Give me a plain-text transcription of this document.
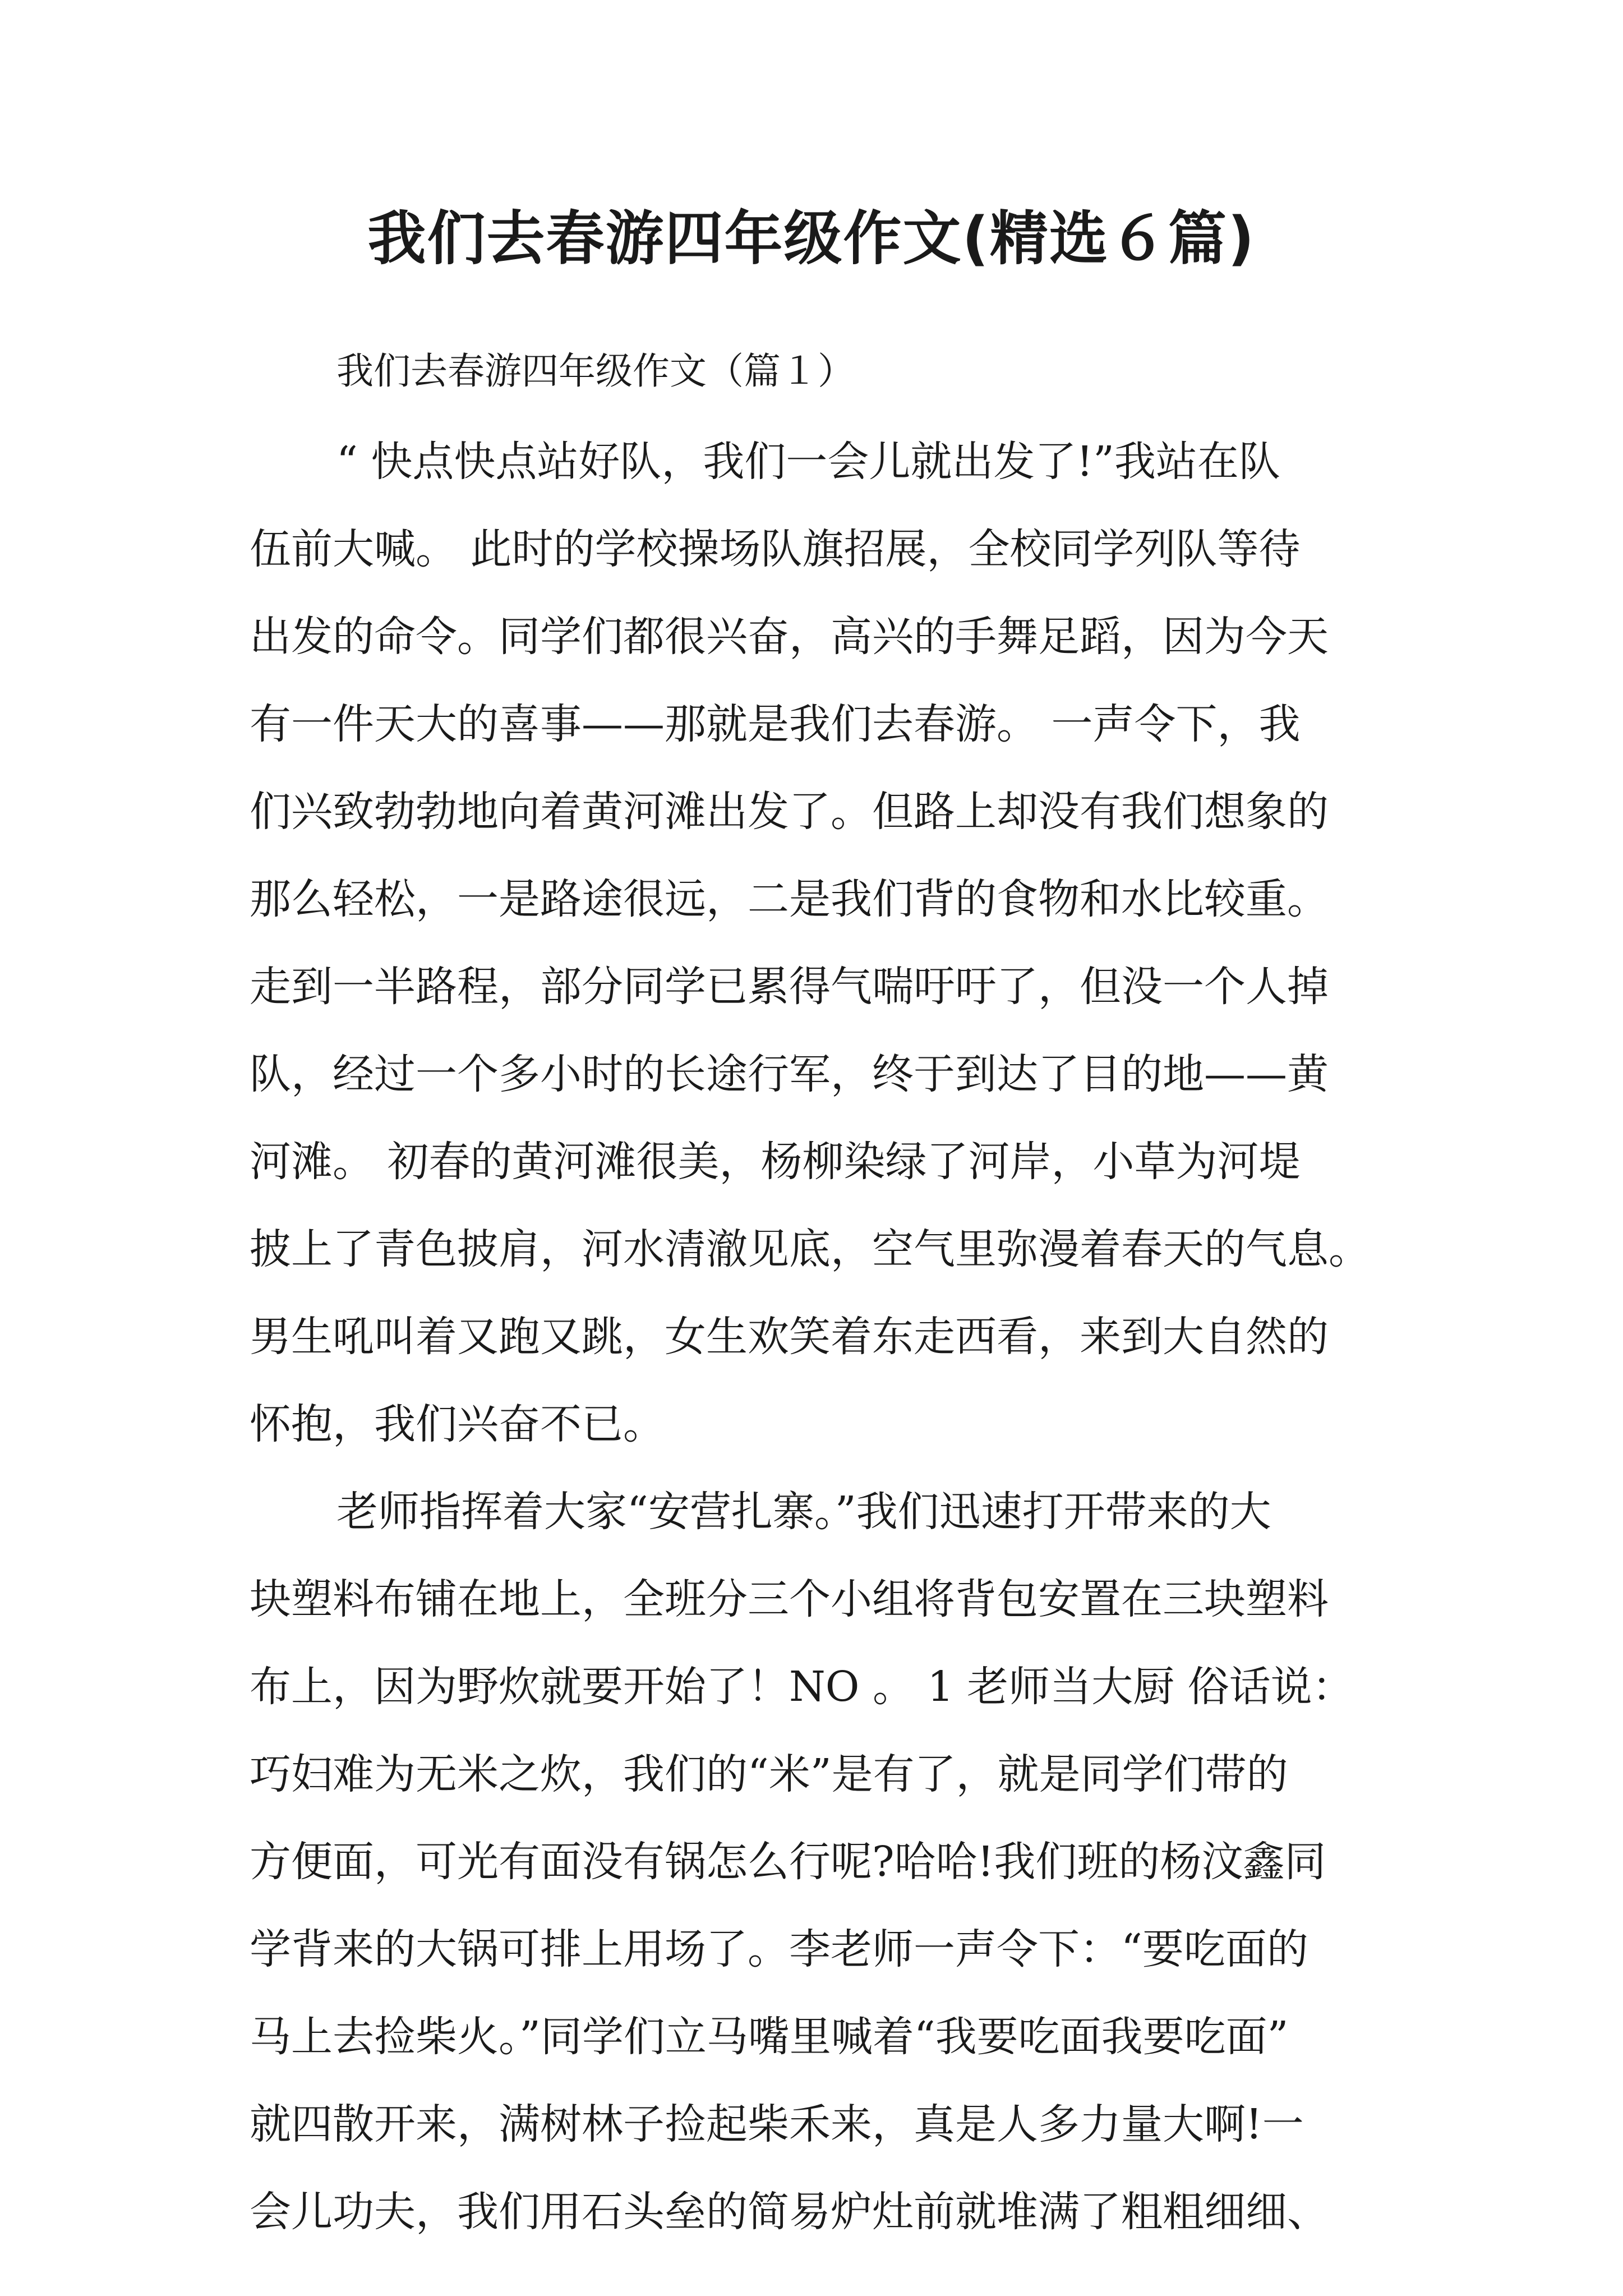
我们去春游四年级作文(精选６篇)

我们去春游四年级作文（篇１）

“ 快点快点站好队，我们一会儿就出发了!”我站在队

伍前大喊。 此时的学校操场队旗招展，全校同学列队等待

出发的命令。同学们都很兴奋，高兴的手舞足蹈，因为今天

有一件天大的喜事——那就是我们去春游。 一声令下，我

们兴致勃勃地向着黄河滩出发了。但路上却没有我们想象的

那么轻松，一是路途很远，二是我们背的食物和水比较重。

走到一半路程，部分同学已累得气喘吁吁了，但没一个人掉

队，经过一个多小时的长途行军，终于到达了目的地——黄

河滩。 初春的黄河滩很美，杨柳染绿了河岸，小草为河堤

披上了青色披肩，河水清澈见底，空气里弥漫着春天的气息。

男生吼叫着又跑又跳，女生欢笑着东走西看，来到大自然的

怀抱，我们兴奋不已。

老师指挥着大家“安营扎寨。”我们迅速打开带来的大

块塑料布铺在地上，全班分三个小组将背包安置在三块塑料

布上，因为野炊就要开始了！NO 。 1 老师当大厨 俗话说：

巧妇难为无米之炊，我们的“米”是有了，就是同学们带的

方便面，可光有面没有锅怎么行呢?哈哈!我们班的杨汶鑫同

学背来的大锅可排上用场了。李老师一声令下：“要吃面的

马上去捡柴火。”同学们立马嘴里喊着“我要吃面我要吃面”

就四散开来，满树林子捡起柴禾来，真是人多力量大啊!一

会儿功夫，我们用石头垒的简易炉灶前就堆满了粗粗细细、
